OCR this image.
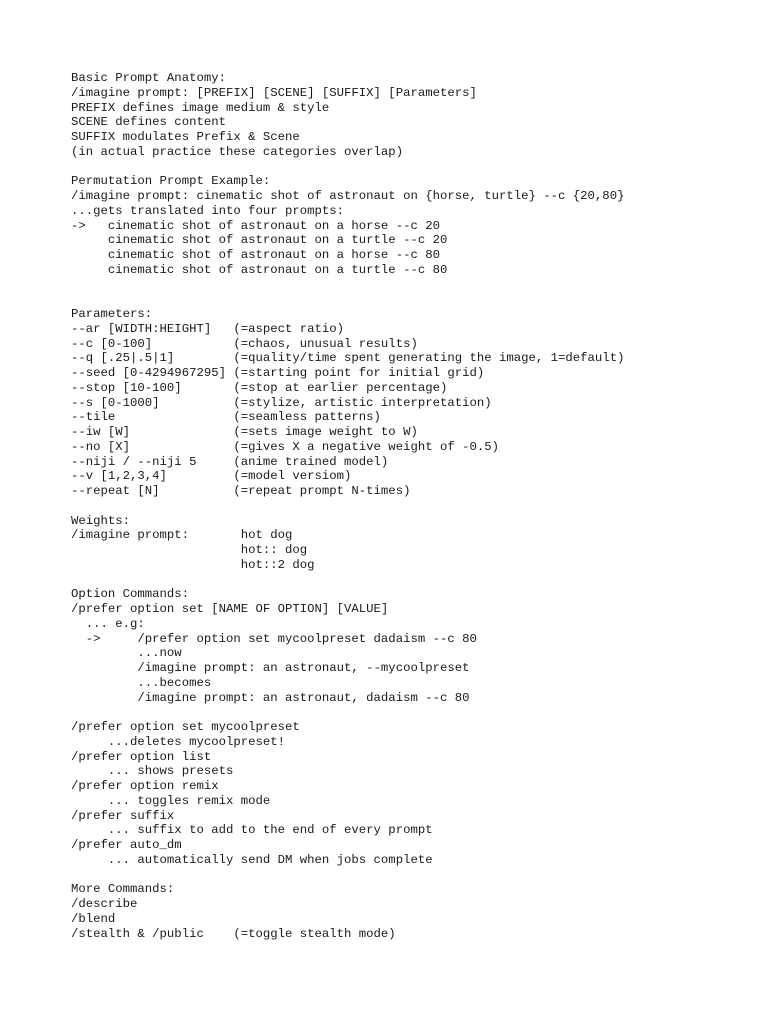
Basic Prompt Anatomy:
/imagine prompt: [PREFIX] [SCENE] [SUFFIX] [Parameters]
PREFIX defines image medium & style
SCENE defines content
SUFFIX modulates Prefix & Scene
(in actual practice these categories overlap)
Permutation Prompt Example:
/imagine prompt: cinematic shot of astronaut on {horse, turtle} --c {20,80}
...gets translated into four prompts:
->   cinematic shot of astronaut on a horse --c 20
cinematic shot of astronaut on a turtle --c 20
cinematic shot of astronaut on a horse --c 80
cinematic shot of astronaut on a turtle --c 80
Parameters:
--ar [WIDTH:HEIGHT]   (=aspect ratio)
--c [0-100]           (=chaos, unusual results)
--q [.25|.5|1]        (=quality/time spent generating the image, 1=default)
--seed [0-4294967295] (=starting point for initial grid)
--stop [10-100]       (=stop at earlier percentage)
--s [0-1000]          (=stylize, artistic interpretation)
--tile                (=seamless patterns)
--iw [W]              (=sets image weight to W)
--no [X]              (=gives X a negative weight of -0.5)
--niji / --niji 5     (anime trained model)
--v [1,2,3,4]         (=model versiom)
--repeat [N]          (=repeat prompt N-times)
Weights:
/imagine prompt:       hot dog
hot:: dog
hot::2 dog
Option Commands:
/prefer option set [NAME OF OPTION] [VALUE]
... e.g:
->     /prefer option set mycoolpreset dadaism --c 80
...now
/imagine prompt: an astronaut, --mycoolpreset
...becomes
/imagine prompt: an astronaut, dadaism --c 80
/prefer option set mycoolpreset
...deletes mycoolpreset!
/prefer option list
... shows presets
/prefer option remix
... toggles remix mode
/prefer suffix
... suffix to add to the end of every prompt
/prefer auto_dm
... automatically send DM when jobs complete
More Commands:
/describe
/blend
/stealth & /public    (=toggle stealth mode)
